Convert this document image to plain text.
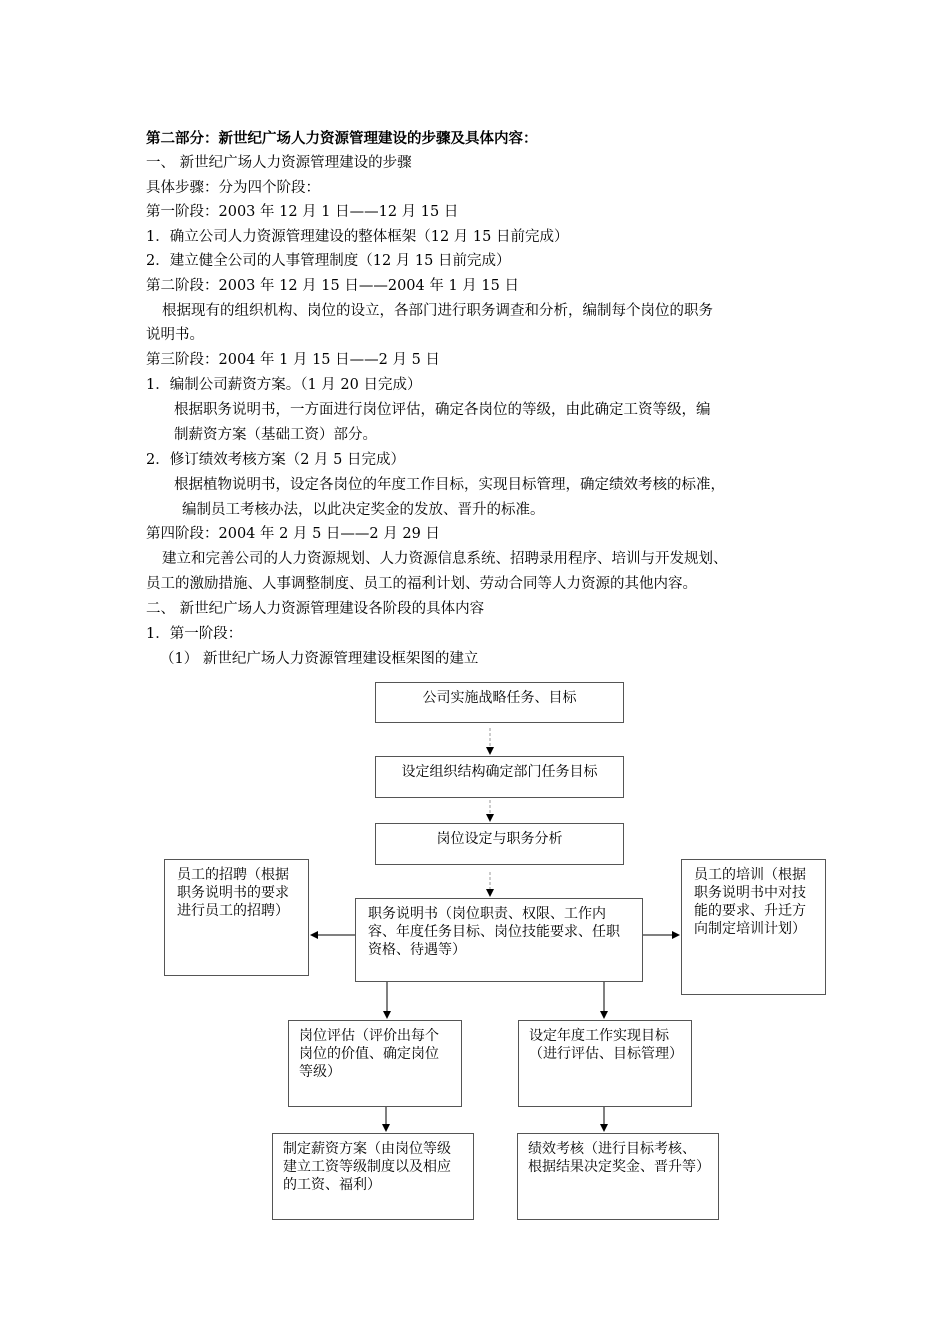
第二部分：新世纪广场人力资源管理建设的步骤及具体内容：
一、 新世纪广场人力资源管理建设的步骤
具体步骤：分为四个阶段：
第一阶段：2003 年 12 月 1 日——12 月 15 日
1．确立公司人力资源管理建设的整体框架（12 月 15 日前完成）
2．建立健全公司的人事管理制度（12 月 15 日前完成）
第二阶段：2003 年 12 月 15 日——2004 年 1 月 15 日
根据现有的组织机构、岗位的设立，各部门进行职务调查和分析，编制每个岗位的职务
说明书。
第三阶段：2004 年 1 月 15 日——2 月 5 日
1．编制公司薪资方案。（1 月 20 日完成）
根据职务说明书，一方面进行岗位评估，确定各岗位的等级，由此确定工资等级，编
制薪资方案（基础工资）部分。
2．修订绩效考核方案（2 月 5 日完成）
根据植物说明书，设定各岗位的年度工作目标，实现目标管理，确定绩效考核的标准，
编制员工考核办法，以此决定奖金的发放、晋升的标准。
第四阶段：2004 年 2 月 5 日——2 月 29 日
建立和完善公司的人力资源规划、人力资源信息系统、招聘录用程序、培训与开发规划、
员工的激励措施、人事调整制度、员工的福利计划、劳动合同等人力资源的其他内容。
二、 新世纪广场人力资源管理建设各阶段的具体内容
1．第一阶段：
（1） 新世纪广场人力资源管理建设框架图的建立
公司实施战略任务、目标
设定组织结构确定部门任务目标
岗位设定与职务分析
职务说明书（岗位职责、权限、工作内容、年度任务目标、岗位技能要求、任职资格、待遇等）
员工的招聘（根据职务说明书的要求进行员工的招聘）
员工的培训（根据职务说明书中对技能的要求、升迁方向制定培训计划）
岗位评估（评价出每个岗位的价值、确定岗位等级）
设定年度工作实现目标（进行评估、目标管理）
制定薪资方案（由岗位等级建立工资等级制度以及相应的工资、福利）
绩效考核（进行目标考核、根据结果决定奖金、晋升等）
